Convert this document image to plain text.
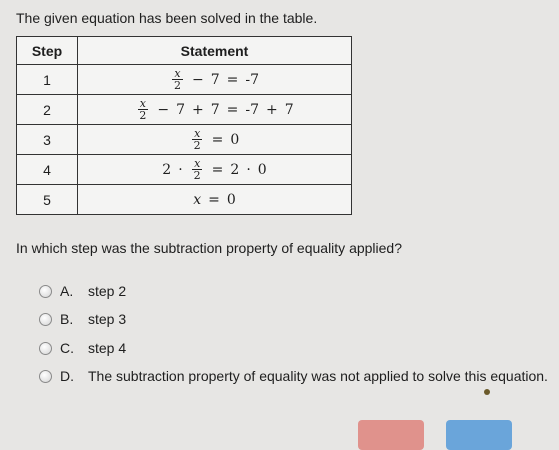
The given equation has been solved in the table.
Step	Statement
1	$\frac{x}{2} - 7 = -7$
2	$\frac{x}{2} - 7 + 7 = -7 + 7$
3	$\frac{x}{2} = 0$
4	$2 \cdot \frac{x}{2} = 2 \cdot 0$
5	x = 0
In which step was the subtraction property of equality applied?
A.	step 2
B.	step 3
C.	step 4
D.	The subtraction property of equality was not applied to solve this equation.
